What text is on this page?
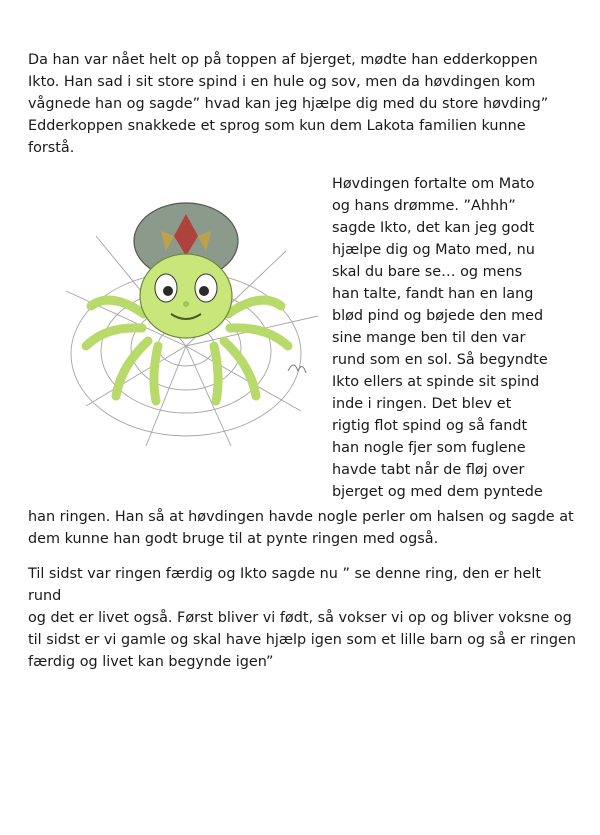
Da han var nået helt op på toppen af bjerget, mødte han edderkoppen
Ikto. Han sad i sit store spind i en hule og sov, men da høvdingen kom
vågnede han og sagde” hvad kan jeg hjælpe dig med du store høvding”
Edderkoppen snakkede et sprog som kun dem Lakota familien kunne
forstå.

Høvdingen fortalte om Mato
og hans drømme. ”Ahhh”
sagde Ikto, det kan jeg godt
hjælpe dig og Mato med, nu
skal du bare se… og mens
han talte, fandt han en lang
blød pind og bøjede den med
sine mange ben til den var
rund som en sol. Så begyndte
Ikto ellers at spinde sit spind
inde i ringen. Det blev et
rigtig flot spind og så fandt
han nogle fjer som fuglene
havde tabt når de fløj over
bjerget og med dem pyntede

han ringen. Han så at høvdingen havde nogle perler om halsen og sagde at
dem kunne han godt bruge til at pynte ringen med også.

Til sidst var ringen færdig og Ikto sagde nu ” se denne ring, den er helt rund
og det er livet også. Først bliver vi født, så vokser vi op og bliver voksne og
til sidst er vi gamle og skal have hjælp igen som et lille barn og så er ringen
færdig og livet kan begynde igen”
